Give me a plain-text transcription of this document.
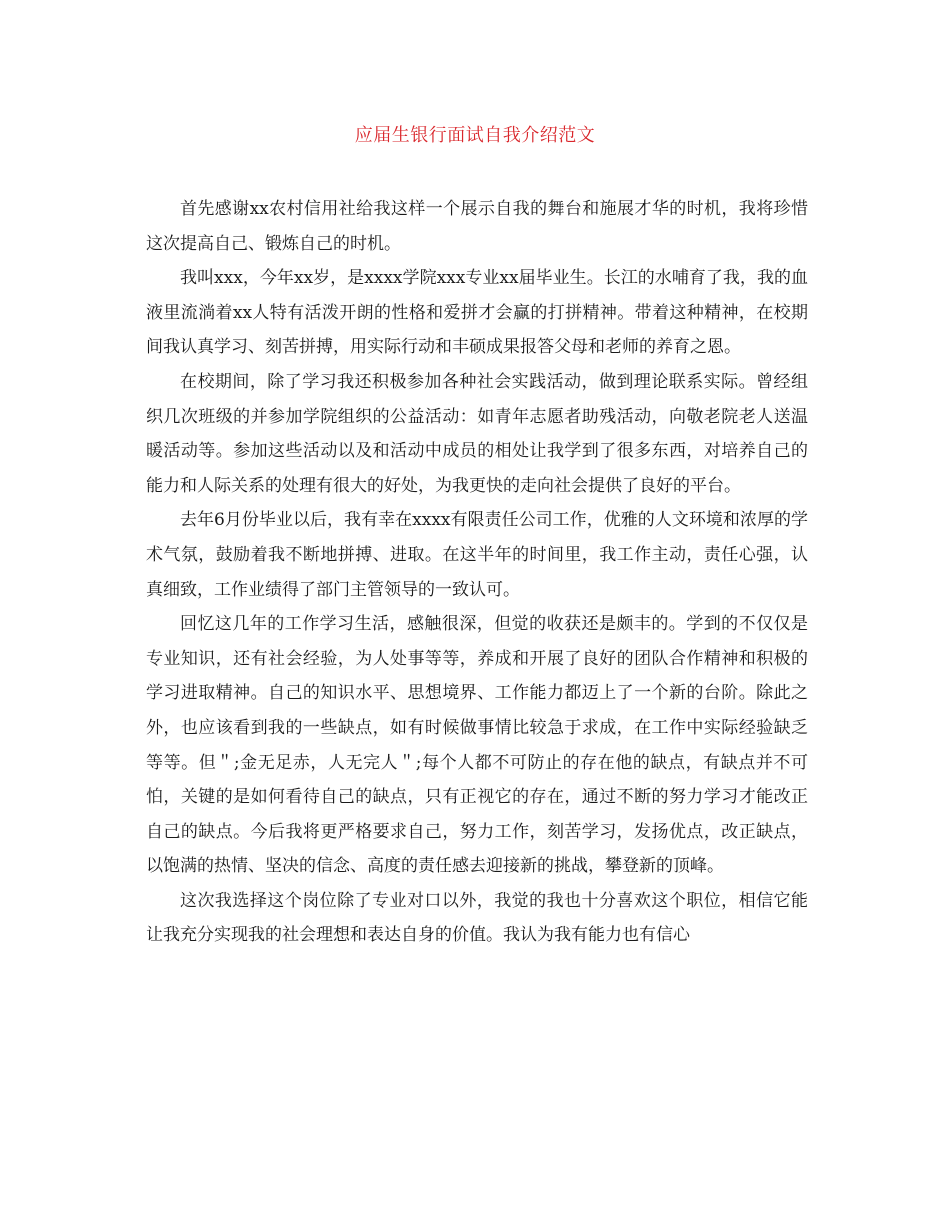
应届生银行面试自我介绍范文

首先感谢xx农村信用社给我这样一个展示自我的舞台和施展才华的时机，我将珍惜这次提高自己、锻炼自己的时机。

我叫xxx，今年xx岁，是xxxx学院xxx专业xx届毕业生。长江的水哺育了我，我的血液里流淌着xx人特有活泼开朗的性格和爱拼才会赢的打拼精神。带着这种精神，在校期间我认真学习、刻苦拼搏，用实际行动和丰硕成果报答父母和老师的养育之恩。

在校期间，除了学习我还积极参加各种社会实践活动，做到理论联系实际。曾经组织几次班级的并参加学院组织的公益活动：如青年志愿者助残活动，向敬老院老人送温暖活动等。参加这些活动以及和活动中成员的相处让我学到了很多东西，对培养自己的能力和人际关系的处理有很大的好处，为我更快的走向社会提供了良好的平台。

去年6月份毕业以后，我有幸在xxxx有限责任公司工作，优雅的人文环境和浓厚的学术气氛，鼓励着我不断地拼搏、进取。在这半年的时间里，我工作主动，责任心强，认真细致，工作业绩得了部门主管领导的一致认可。

回忆这几年的工作学习生活，感触很深，但觉的收获还是颇丰的。学到的不仅仅是专业知识，还有社会经验，为人处事等等，养成和开展了良好的团队合作精神和积极的学习进取精神。自己的知识水平、思想境界、工作能力都迈上了一个新的台阶。除此之外，也应该看到我的一些缺点，如有时候做事情比较急于求成，在工作中实际经验缺乏等等。但＂;金无足赤，人无完人＂;每个人都不可防止的存在他的缺点，有缺点并不可怕，关键的是如何看待自己的缺点，只有正视它的存在，通过不断的努力学习才能改正自己的缺点。今后我将更严格要求自己，努力工作，刻苦学习，发扬优点，改正缺点，以饱满的热情、坚决的信念、高度的责任感去迎接新的挑战，攀登新的顶峰。

这次我选择这个岗位除了专业对口以外，我觉的我也十分喜欢这个职位，相信它能让我充分实现我的社会理想和表达自身的价值。我认为我有能力也有信心
